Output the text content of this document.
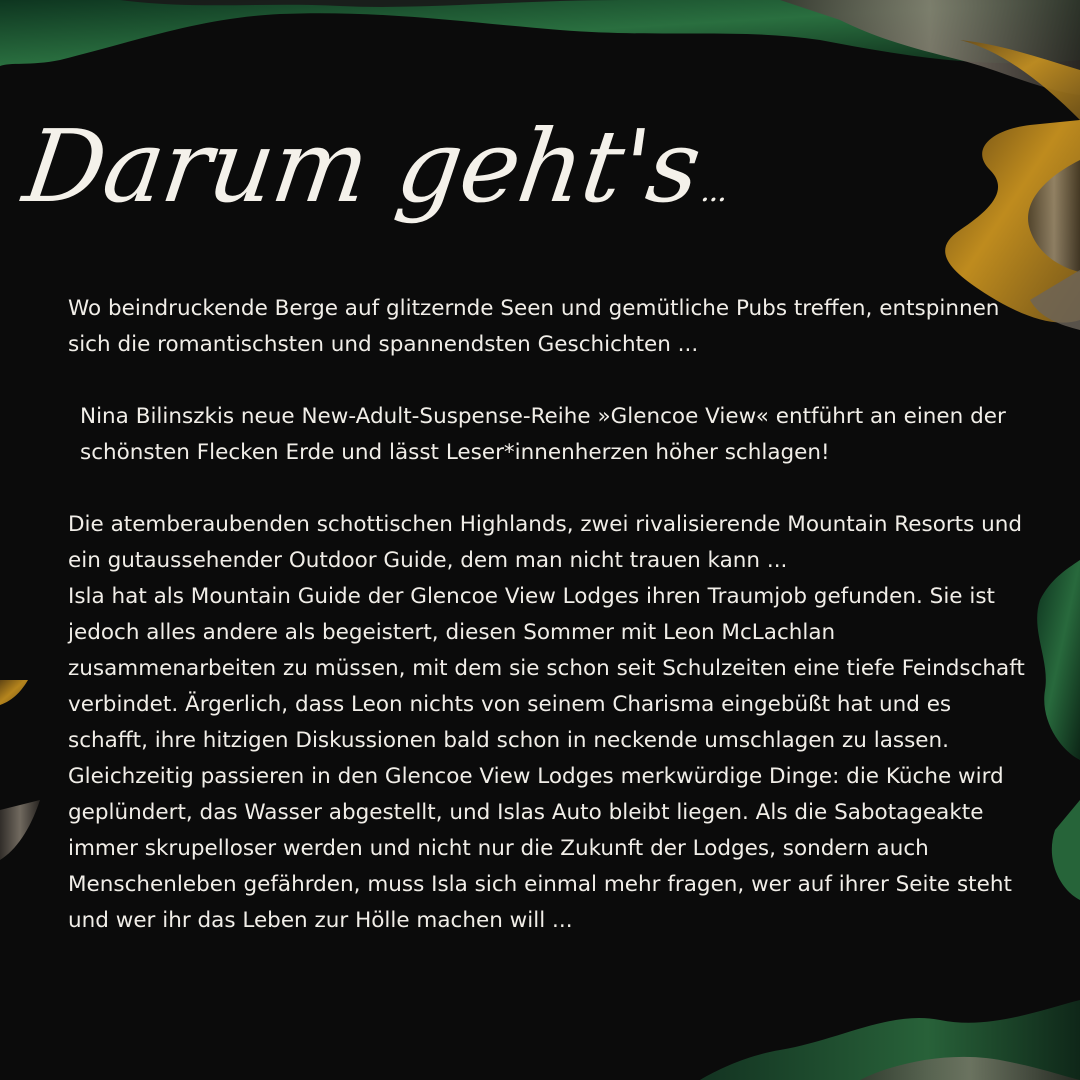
Darum geht's...

Wo beindruckende Berge auf glitzernde Seen und gemütliche Pubs treffen, entspinnen sich die romantischsten und spannendsten Geschichten ...

Nina Bilinszkis neue New-Adult-Suspense-Reihe »Glencoe View« entführt an einen der schönsten Flecken Erde und lässt Leser*innenherzen höher schlagen!

Die atemberaubenden schottischen Highlands, zwei rivalisierende Mountain Resorts und ein gutaussehender Outdoor Guide, dem man nicht trauen kann ...

Isla hat als Mountain Guide der Glencoe View Lodges ihren Traumjob gefunden. Sie ist jedoch alles andere als begeistert, diesen Sommer mit Leon McLachlan zusammenarbeiten zu müssen, mit dem sie schon seit Schulzeiten eine tiefe Feindschaft verbindet. Ärgerlich, dass Leon nichts von seinem Charisma eingebüßt hat und es schafft, ihre hitzigen Diskussionen bald schon in neckende umschlagen zu lassen. Gleichzeitig passieren in den Glencoe View Lodges merkwürdige Dinge: die Küche wird geplündert, das Wasser abgestellt, und Islas Auto bleibt liegen. Als die Sabotageakte immer skrupelloser werden und nicht nur die Zukunft der Lodges, sondern auch Menschenleben gefährden, muss Isla sich einmal mehr fragen, wer auf ihrer Seite steht und wer ihr das Leben zur Hölle machen will ...
